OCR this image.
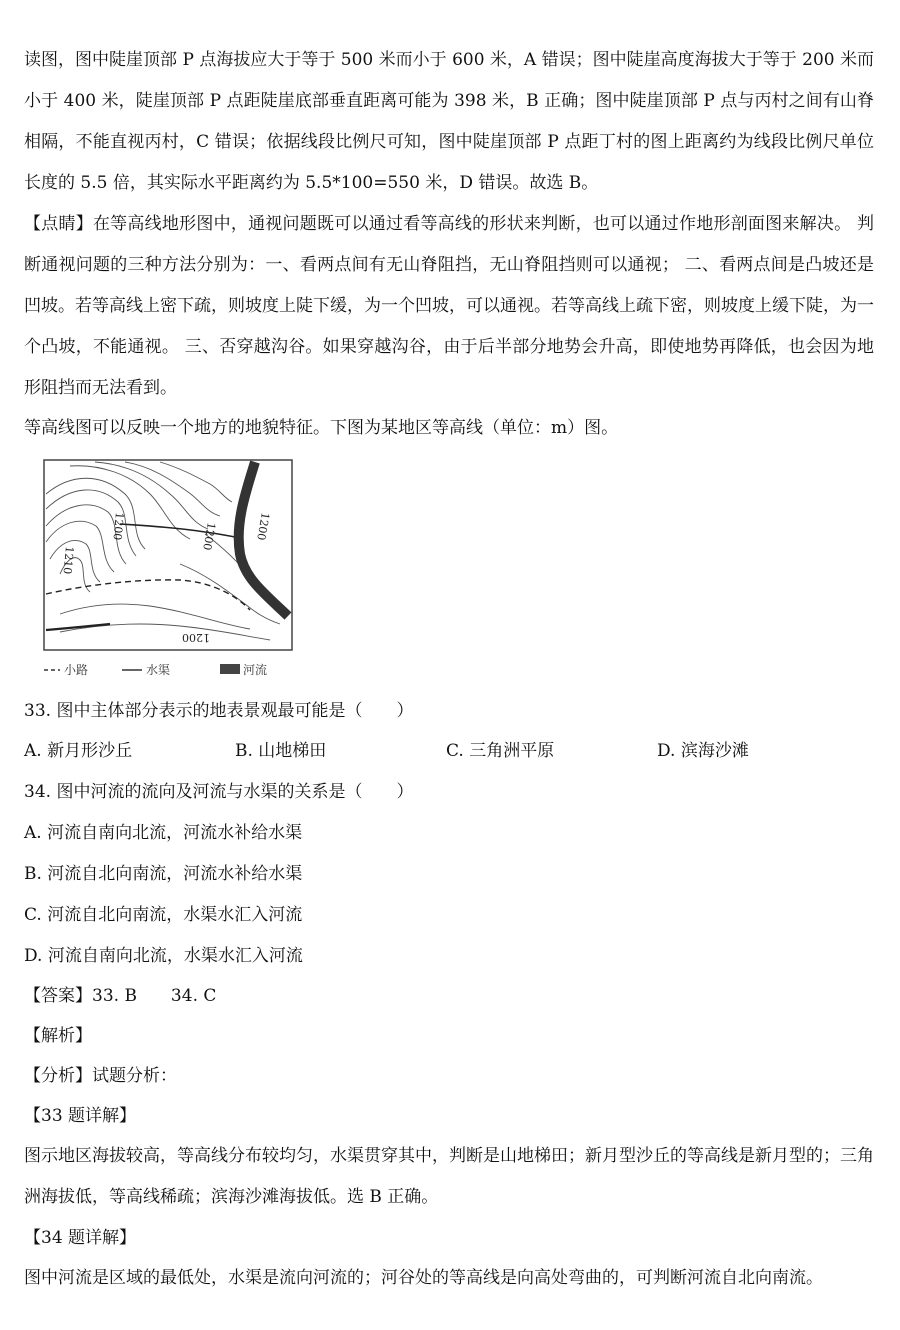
读图，图中陡崖顶部 P 点海拔应大于等于 500 米而小于 600 米，A 错误；图中陡崖高度海拔大于等于 200 米而小于 400 米，陡崖顶部 P 点距陡崖底部垂直距离可能为 398 米，B 正确；图中陡崖顶部 P 点与丙村之间有山脊相隔，不能直视丙村，C 错误；依据线段比例尺可知，图中陡崖顶部 P 点距丁村的图上距离约为线段比例尺单位长度的 5.5 倍，其实际水平距离约为 5.5*100=550 米，D 错误。故选 B。

【点睛】在等高线地形图中，通视问题既可以通过看等高线的形状来判断，也可以通过作地形剖面图来解决。 判断通视问题的三种方法分别为：一、看两点间有无山脊阻挡，无山脊阻挡则可以通视； 二、看两点间是凸坡还是凹坡。若等高线上密下疏，则坡度上陡下缓，为一个凹坡，可以通视。若等高线上疏下密，则坡度上缓下陡，为一个凸坡，不能通视。 三、否穿越沟谷。如果穿越沟谷，由于后半部分地势会升高，即使地势再降低，也会因为地形阻挡而无法看到。

等高线图可以反映一个地方的地貌特征。下图为某地区等高线（单位：m）图。

1210
1200	1200	1200
1200
小路	水渠	河流

33. 图中主体部分表示的地表景观最可能是（　　）

A. 新月形沙丘	B. 山地梯田	C. 三角洲平原	D. 滨海沙滩

34. 图中河流的流向及河流与水渠的关系是（　　）

A. 河流自南向北流，河流水补给水渠

B. 河流自北向南流，河流水补给水渠

C. 河流自北向南流，水渠水汇入河流

D. 河流自南向北流，水渠水汇入河流

【答案】33. B　　34. C

【解析】

【分析】试题分析：

【33 题详解】

图示地区海拔较高，等高线分布较均匀，水渠贯穿其中，判断是山地梯田；新月型沙丘的等高线是新月型的；三角洲海拔低，等高线稀疏；滨海沙滩海拔低。选 B 正确。

【34 题详解】

图中河流是区域的最低处，水渠是流向河流的；河谷处的等高线是向高处弯曲的，可判断河流自北向南流。
